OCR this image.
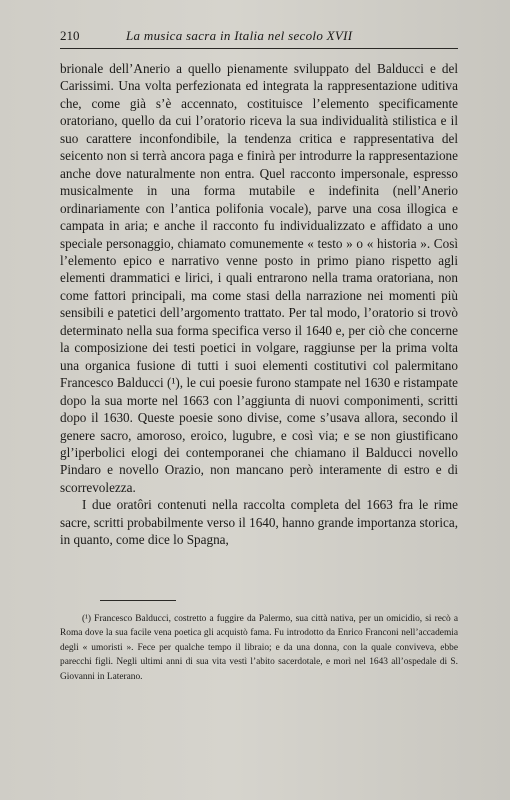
210	La musica sacra in Italia nel secolo XVII

brionale dell’Anerio a quello pienamente sviluppato del Balducci e del Carissimi. Una volta perfezionata ed integrata la rappresentazione uditiva che, come già s’è accennato, costituisce l’elemento specificamente oratoriano, quello da cui l’oratorio riceva la sua individualità stilistica e il suo carattere inconfondibile, la tendenza critica e rappresentativa del seicento non si terrà ancora paga e finirà per introdurre la rappresentazione anche dove naturalmente non entra. Quel racconto impersonale, espresso musicalmente in una forma mutabile e indefinita (nell’Anerio ordinariamente con l’antica polifonia vocale), parve una cosa illogica e campata in aria; e anche il racconto fu individualizzato e affidato a uno speciale personaggio, chiamato comunemente « testo » o « historia ». Così l’elemento epico e narrativo venne posto in primo piano rispetto agli elementi drammatici e lirici, i quali entrarono nella trama oratoriana, non come fattori principali, ma come stasi della narrazione nei momenti più sensibili e patetici dell’argomento trattato. Per tal modo, l’oratorio si trovò determinato nella sua forma specifica verso il 1640 e, per ciò che concerne la composizione dei testi poetici in volgare, raggiunse per la prima volta una organica fusione di tutti i suoi elementi costitutivi col palermitano Francesco Balducci (¹), le cui poesie furono stampate nel 1630 e ristampate dopo la sua morte nel 1663 con l’aggiunta di nuovi componimenti, scritti dopo il 1630. Queste poesie sono divise, come s’usava allora, secondo il genere sacro, amoroso, eroico, lugubre, e così via; e se non giustificano gl’iperbolici elogi dei contemporanei che chiamano il Balducci novello Pindaro e novello Orazio, non mancano però interamente di estro e di scorrevolezza.

I due oratôri contenuti nella raccolta completa del 1663 fra le rime sacre, scritti probabilmente verso il 1640, hanno grande importanza storica, in quanto, come dice lo Spagna,

(¹) Francesco Balducci, costretto a fuggire da Palermo, sua città nativa, per un omicidio, si recò a Roma dove la sua facile vena poetica gli acquistò fama. Fu introdotto da Enrico Franconi nell’accademia degli « umoristi ». Fece per qualche tempo il libraio; e da una donna, con la quale conviveva, ebbe parecchi figli. Negli ultimi anni di sua vita vestì l’abito sacerdotale, e morì nel 1643 all’ospedale di S. Giovanni in Laterano.
